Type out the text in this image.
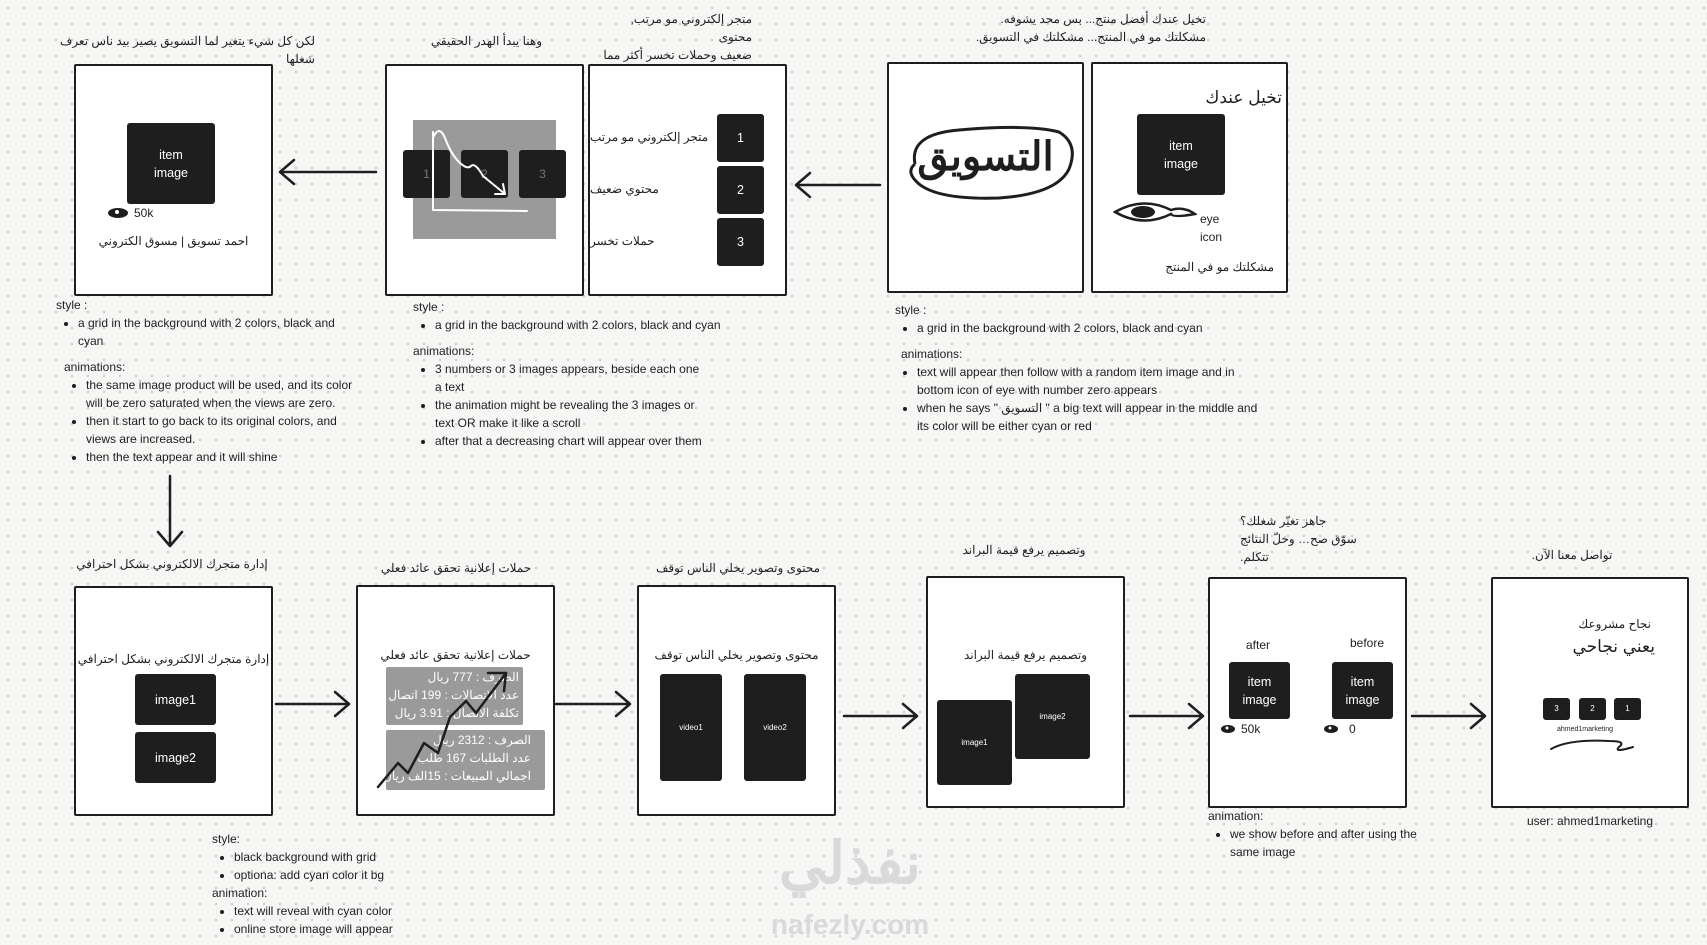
لكن كل شيء يتغير لما التسويق يصير بيد ناس تعرف شغلها
item
image
50k
احمد تسويق | مسوق الكتروني
وهنا يبدأ الهدر الحقيقي
1	2	3
متجر إلكتروني مو مرتب, محتوى
ضعيف وحملات تخسر أكثر مما

1
متجر إلكتروني مو مرتب
2
محتوي ضعيف
3
حملات تخسر
التسويق
تخيل عندك أفضل منتج... بس محد يشوفه.
مشكلتك مو في المنتج... مشكلتك في التسويق.
تخيل عندك
item
image
eye
icon
مشكلتك مو في المنتج

style :

• a grid in the background with 2 colors, black and cyan

animations:

• the same image product will be used, and its color will be zero saturated when the views are zero.
• then it start to go back to its original colors, and views are increased.
• then the text appear and it will shine

style :

• a grid in the background with 2 colors, black and cyan

animations:

• 3 numbers or 3 images appears, beside each one a text
• the animation might be revealing the 3 images or text OR make it like a scroll
• after that a decreasing chart will appear over them

style :

• a grid in the background with 2 colors, black and cyan

animations:

• text will appear then follow with a random item image and in bottom icon of eye with number zero appears
• when he says " التسويق " a big text will appear in the middle and its color will be either cyan or red
إدارة متجرك الالكتروني بشكل احترافي
إدارة متجرك الالكتروني بشكل احترافي
image1
image2
حملات إعلانية تحقق عائد فعلي
حملات إعلانية تحقق عائد فعلي
الصرف : 777 ريال
عدد الاتصالات : 199 اتصال
تكلفة الاتصال : 3.91 ريال
الصرف : 2312 ريال
عدد الطلبات 167 طلب
اجمالي المبيعات : 15الف ريال
محتوى وتصوير يخلي الناس توقف
محتوى وتصوير يخلي الناس توقف
video1	video2
وتصميم يرفع قيمة البراند
وتصميم يرفع قيمة البراند
image1
image2
جاهز تغيّر شغلك؟
سوّق صح… وخلّ النتائج
تتكلم.
after	before
item
image
item
image
50k	0

animation:

• we show before and after using the same image
تواصل معنا الآن.
نجاح مشروعك
يعني نجاحي
3	2	1
ahmed1marketing
user: ahmed1marketing

style:

• black background with grid
• optiona: add cyan color it bg

animation:

• text will reveal with cyan color
• online store image will appear
نفذلي
nafezly.com
